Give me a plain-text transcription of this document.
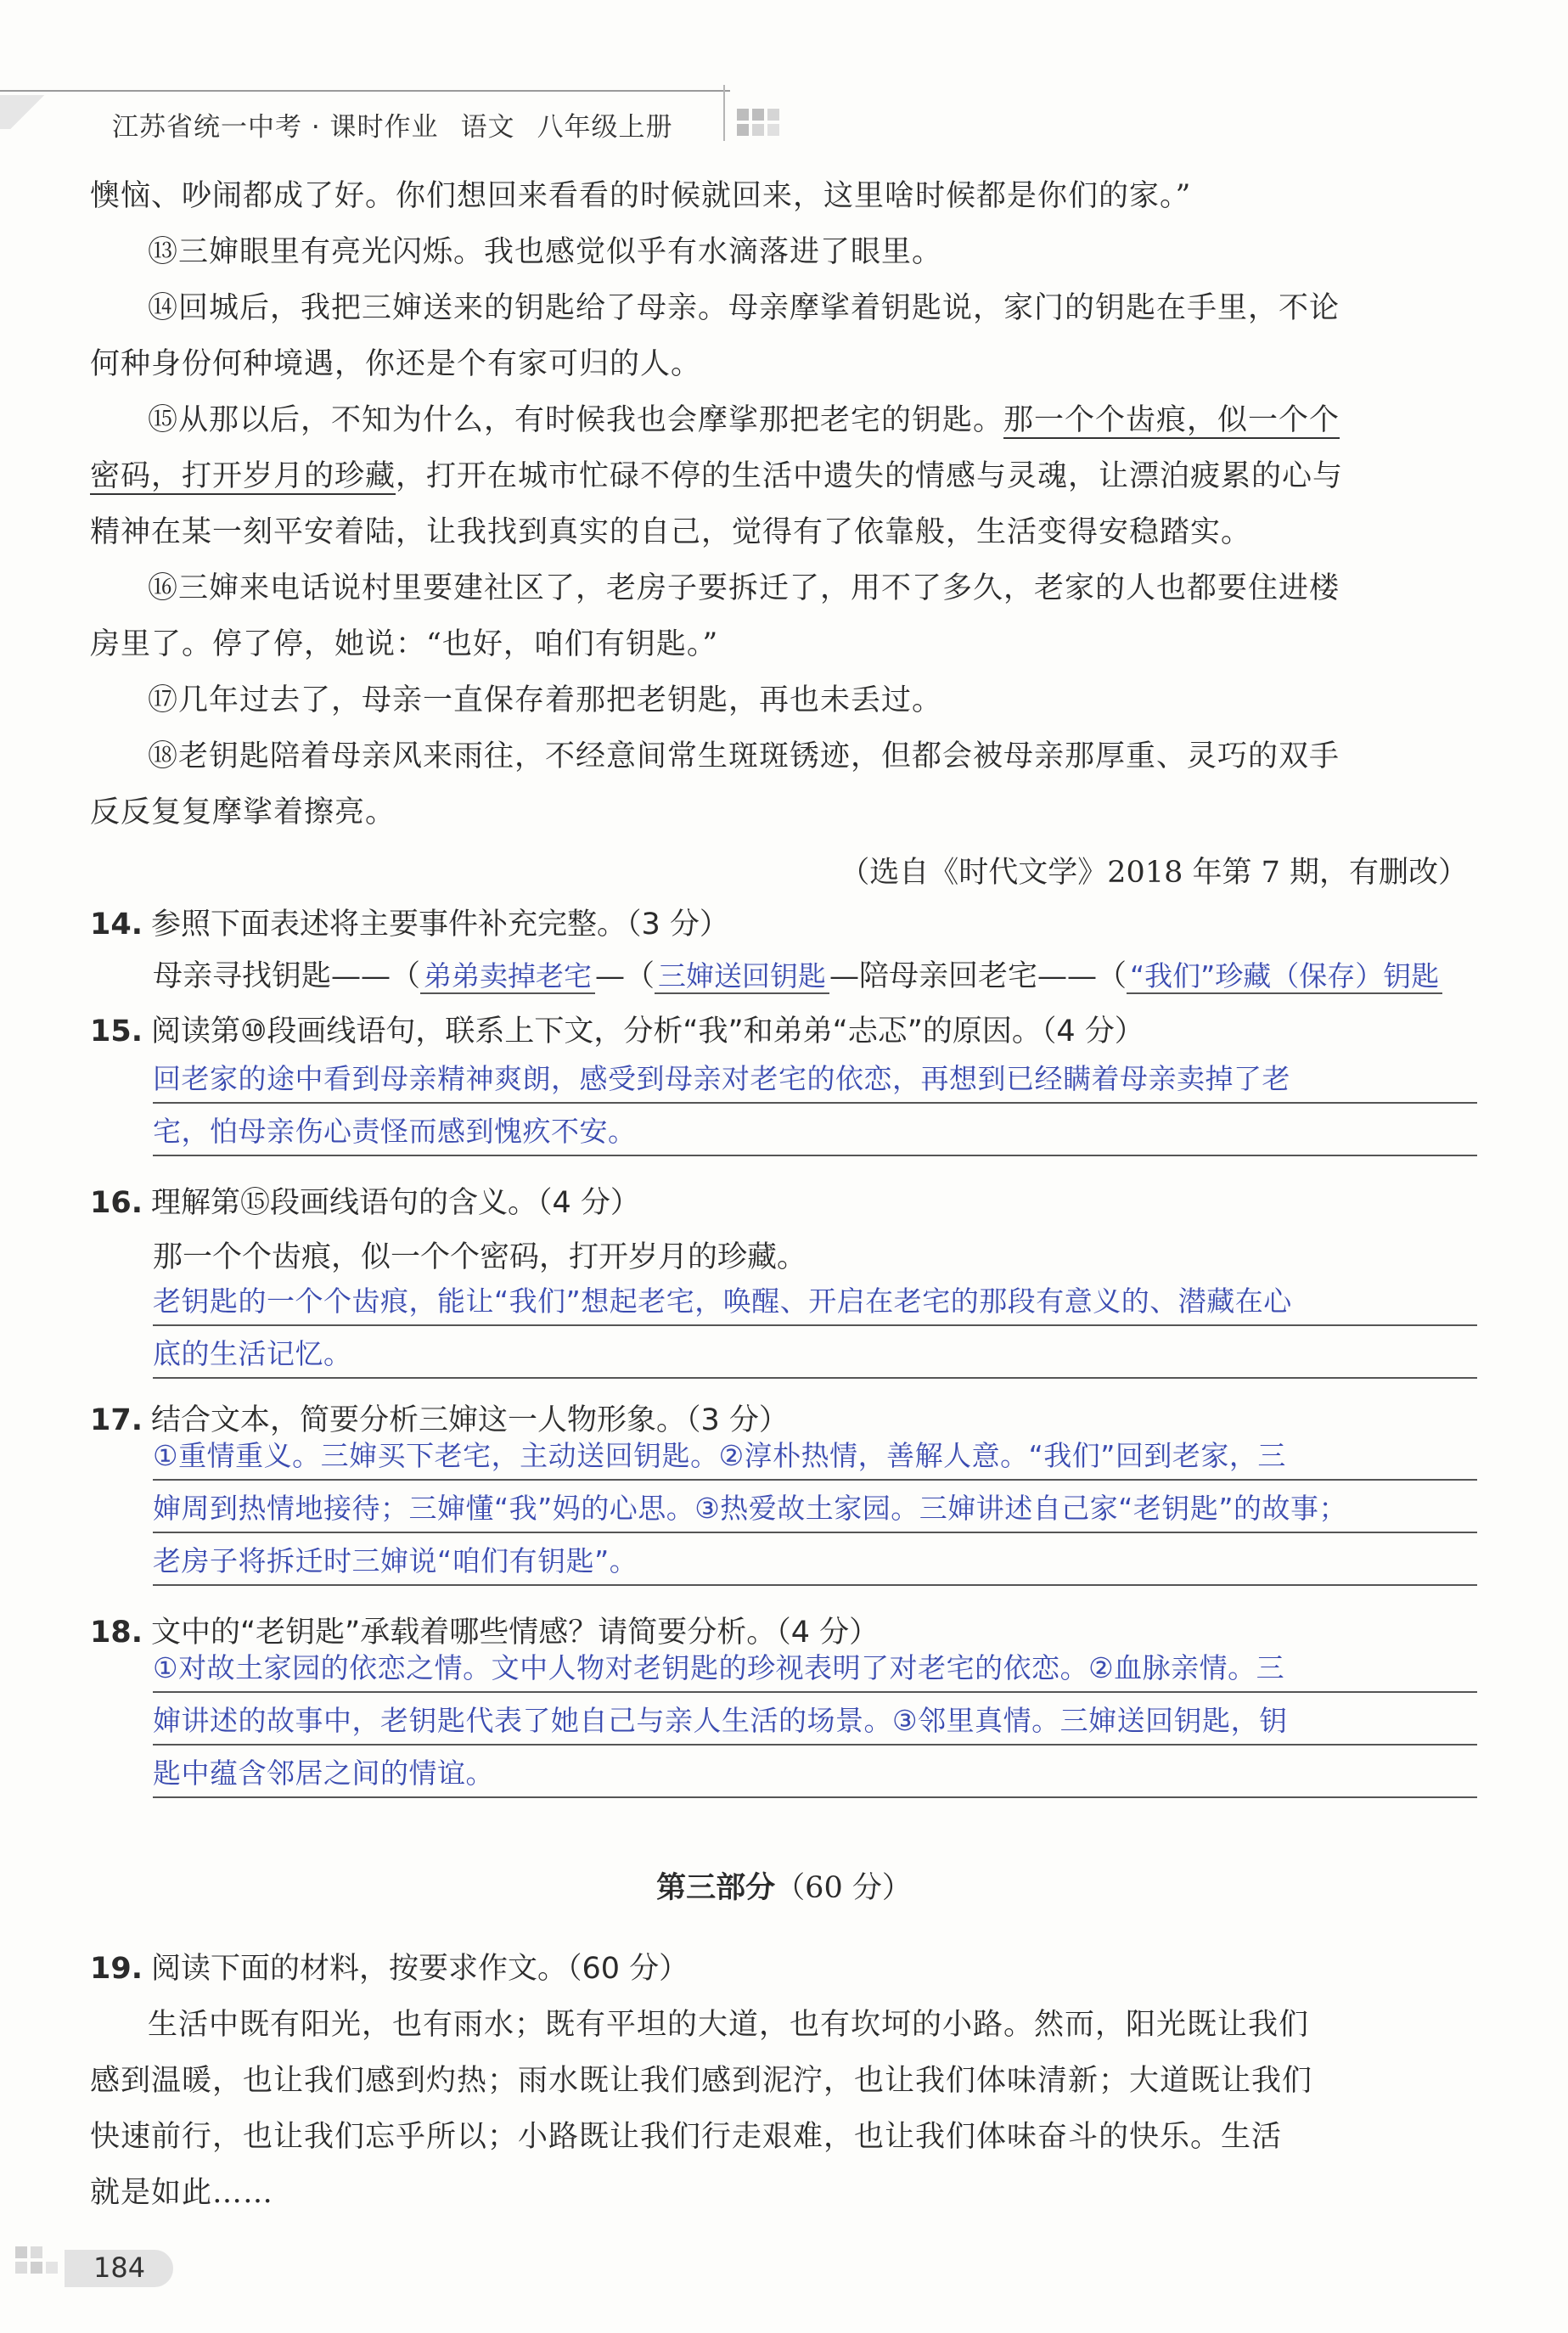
江苏省统一中考 · 课时作业 语文 八年级上册
懊恼、吵闹都成了好。你们想回来看看的时候就回来，这里啥时候都是你们的家。”
⑬三婶眼里有亮光闪烁。我也感觉似乎有水滴落进了眼里。
⑭回城后，我把三婶送来的钥匙给了母亲。母亲摩挲着钥匙说，家门的钥匙在手里，不论
何种身份何种境遇，你还是个有家可归的人。
⑮从那以后，不知为什么，有时候我也会摩挲那把老宅的钥匙。那一个个齿痕，似一个个
密码，打开岁月的珍藏，打开在城市忙碌不停的生活中遗失的情感与灵魂，让漂泊疲累的心与
精神在某一刻平安着陆，让我找到真实的自己，觉得有了依靠般，生活变得安稳踏实。
⑯三婶来电话说村里要建社区了，老房子要拆迁了，用不了多久，老家的人也都要住进楼
房里了。停了停，她说：“也好，咱们有钥匙。”
⑰几年过去了，母亲一直保存着那把老钥匙，再也未丢过。
⑱老钥匙陪着母亲风来雨往，不经意间常生斑斑锈迹，但都会被母亲那厚重、灵巧的双手
反反复复摩挲着擦亮。
（选自《时代文学》2018 年第 7 期，有删改）
14. 参照下面表述将主要事件补充完整。（3 分）
母亲寻找钥匙——（ 弟弟卖掉老宅 —（ 三婶送回钥匙 —陪母亲回老宅——（ “我们”珍藏（保存）钥匙
15. 阅读第⑩段画线语句，联系上下文，分析“我”和弟弟“忐忑”的原因。（4 分）
回老家的途中看到母亲精神爽朗，感受到母亲对老宅的依恋，再想到已经瞒着母亲卖掉了老
宅，怕母亲伤心责怪而感到愧疚不安。
16. 理解第⑮段画线语句的含义。（4 分）
那一个个齿痕，似一个个密码，打开岁月的珍藏。
老钥匙的一个个齿痕，能让“我们”想起老宅，唤醒、开启在老宅的那段有意义的、潜藏在心
底的生活记忆。
17. 结合文本，简要分析三婶这一人物形象。（3 分）
①重情重义。三婶买下老宅，主动送回钥匙。②淳朴热情，善解人意。“我们”回到老家，三
婶周到热情地接待；三婶懂“我”妈的心思。③热爱故土家园。三婶讲述自己家“老钥匙”的故事；
老房子将拆迁时三婶说“咱们有钥匙”。
18. 文中的“老钥匙”承载着哪些情感？请简要分析。（4 分）
①对故土家园的依恋之情。文中人物对老钥匙的珍视表明了对老宅的依恋。②血脉亲情。三
婶讲述的故事中，老钥匙代表了她自己与亲人生活的场景。③邻里真情。三婶送回钥匙，钥
匙中蕴含邻居之间的情谊。
第三部分（60 分）
19. 阅读下面的材料，按要求作文。（60 分）
生活中既有阳光，也有雨水；既有平坦的大道，也有坎坷的小路。然而，阳光既让我们
感到温暖，也让我们感到灼热；雨水既让我们感到泥泞，也让我们体味清新；大道既让我们
快速前行，也让我们忘乎所以；小路既让我们行走艰难，也让我们体味奋斗的快乐。生活
就是如此……
184
